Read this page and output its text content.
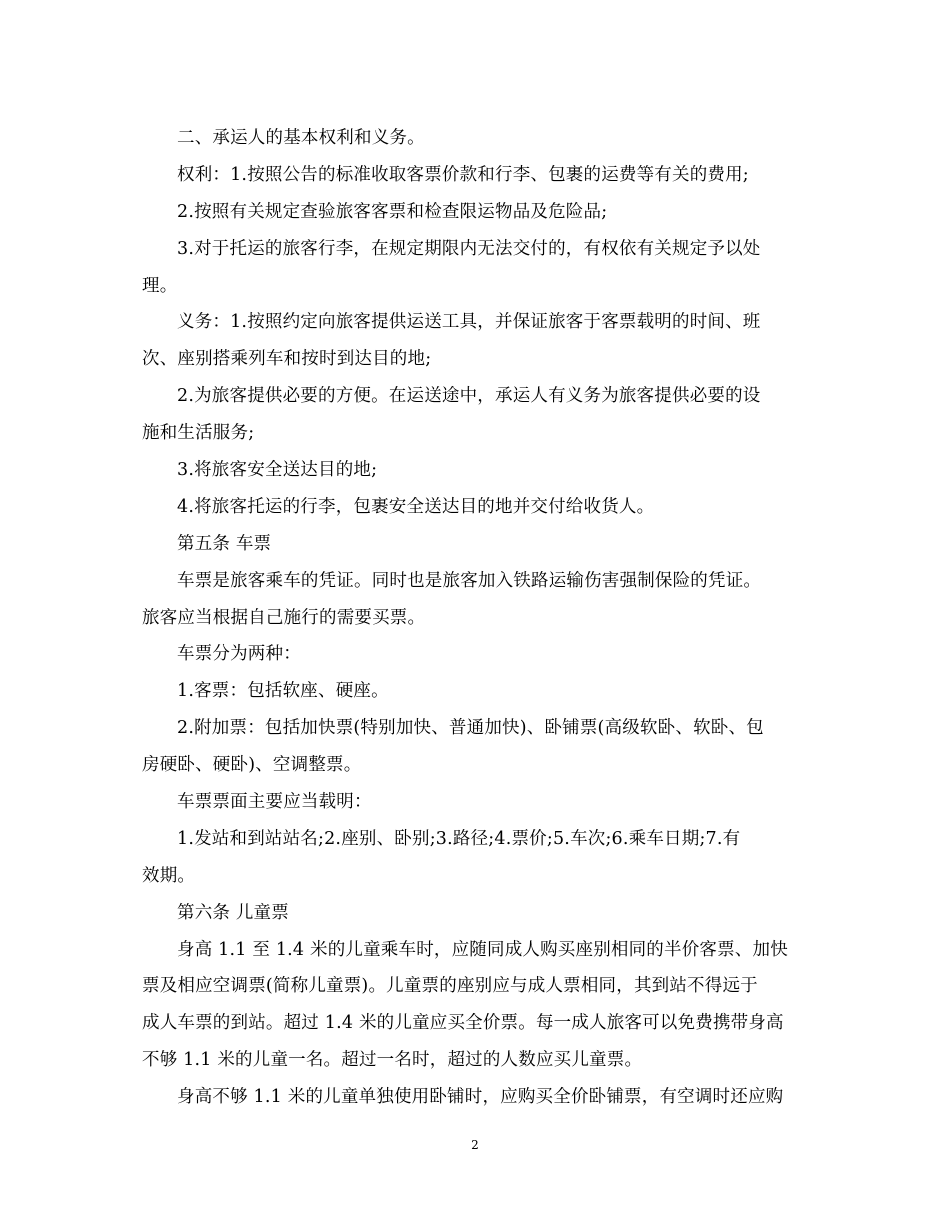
二、承运人的基本权利和义务。
权利：1.按照公告的标准收取客票价款和行李、包裹的运费等有关的费用;
2.按照有关规定查验旅客客票和检查限运物品及危险品;
3.对于托运的旅客行李，在规定期限内无法交付的，有权依有关规定予以处
理。
义务：1.按照约定向旅客提供运送工具，并保证旅客于客票载明的时间、班
次、座别搭乘列车和按时到达目的地;
2.为旅客提供必要的方便。在运送途中，承运人有义务为旅客提供必要的设
施和生活服务;
3.将旅客安全送达目的地;
4.将旅客托运的行李，包裹安全送达目的地并交付给收货人。
第五条 车票
车票是旅客乘车的凭证。同时也是旅客加入铁路运输伤害强制保险的凭证。
旅客应当根据自己施行的需要买票。
车票分为两种：
1.客票：包括软座、硬座。
2.附加票：包括加快票(特别加快、普通加快)、卧铺票(高级软卧、软卧、包
房硬卧、硬卧)、空调整票。
车票票面主要应当载明：
1.发站和到站站名;2.座别、卧别;3.路径;4.票价;5.车次;6.乘车日期;7.有
效期。
第六条 儿童票
身高 1.1 至 1.4 米的儿童乘车时，应随同成人购买座别相同的半价客票、加快
票及相应空调票(简称儿童票)。儿童票的座别应与成人票相同，其到站不得远于
成人车票的到站。超过 1.4 米的儿童应买全价票。每一成人旅客可以免费携带身高
不够 1.1 米的儿童一名。超过一名时，超过的人数应买儿童票。
身高不够 1.1 米的儿童单独使用卧铺时，应购买全价卧铺票，有空调时还应购
2
